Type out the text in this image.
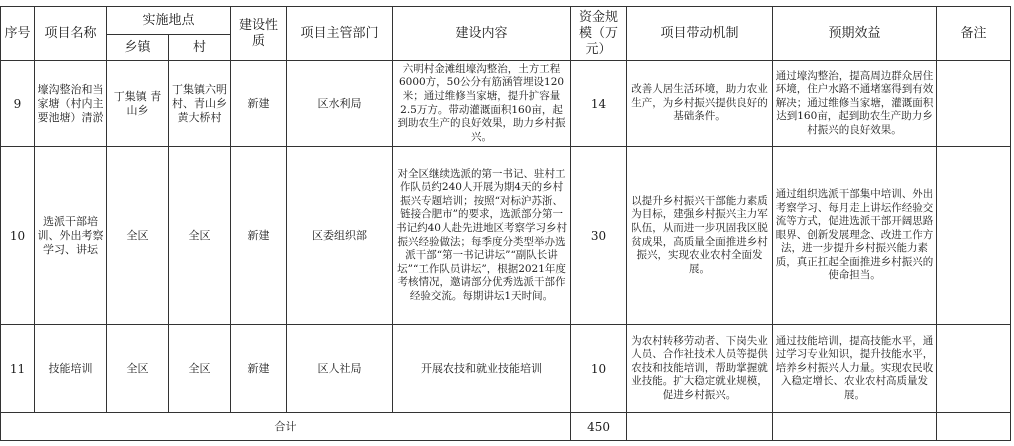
序号	项目名称	实施地点		建设性质	项目主管部门	建设内容	资金规模（万元）	项目带动机制	预期效益	备注
		乡镇	村							
9	壕沟整治和当家塘（村内主要池塘）清淤	丁集镇 青山乡	丁集镇六明村、青山乡黄大桥村	新建	区水利局	六明村金滩组壕沟整治，土方工程6000方，50公分有筋涵管埋设120米；通过维修当家塘，提升扩容量2.5万方。带动灌溉面积160亩，起到助农生产的良好效果，助力乡村振兴。	14	改善人居生活环境，助力农业生产，为乡村振兴提供良好的基础条件。	通过壕沟整治，提高周边群众居住环境，住户水路不通堵塞得到有效解决；通过维修当家塘，灌溉面积达到160亩，起到助农生产助力乡村振兴的良好效果。	
10	选派干部培训、外出考察学习、讲坛	全区	全区	新建	区委组织部	对全区继续选派的第一书记、驻村工作队员约240人开展为期4天的乡村振兴专题培训；按照“对标沪苏浙、链接合肥市”的要求，选派部分第一书记约40人赴先进地区考察学习乡村振兴经验做法；每季度分类型举办选派干部“第一书记讲坛”“副队长讲坛”“工作队员讲坛”，根据2021年度考核情况，邀请部分优秀选派干部作经验交流。每期讲坛1天时间。	30	以提升乡村振兴干部能力素质为目标，建强乡村振兴主力军队伍，从而进一步巩固我区脱贫成果，高质量全面推进乡村振兴，实现农业农村全面发展。	通过组织选派干部集中培训、外出考察学习、每月走上讲坛作经验交流等方式，促进选派干部开阔思路眼界、创新发展理念、改进工作方法，进一步提升乡村振兴能力素质，真正扛起全面推进乡村振兴的使命担当。	
11	技能培训	全区	全区	新建	区人社局	开展农技和就业技能培训	10	为农村转移劳动者、下岗失业人员、合作社技术人员等提供农技和技能培训，帮助掌握就业技能。扩大稳定就业规模，促进乡村振兴。	通过技能培训，提高技能水平，通过学习专业知识，提升技能水平，培养乡村振兴人力量。实现农民收入稳定增长、农业农村高质量发展。	
合计							450			
